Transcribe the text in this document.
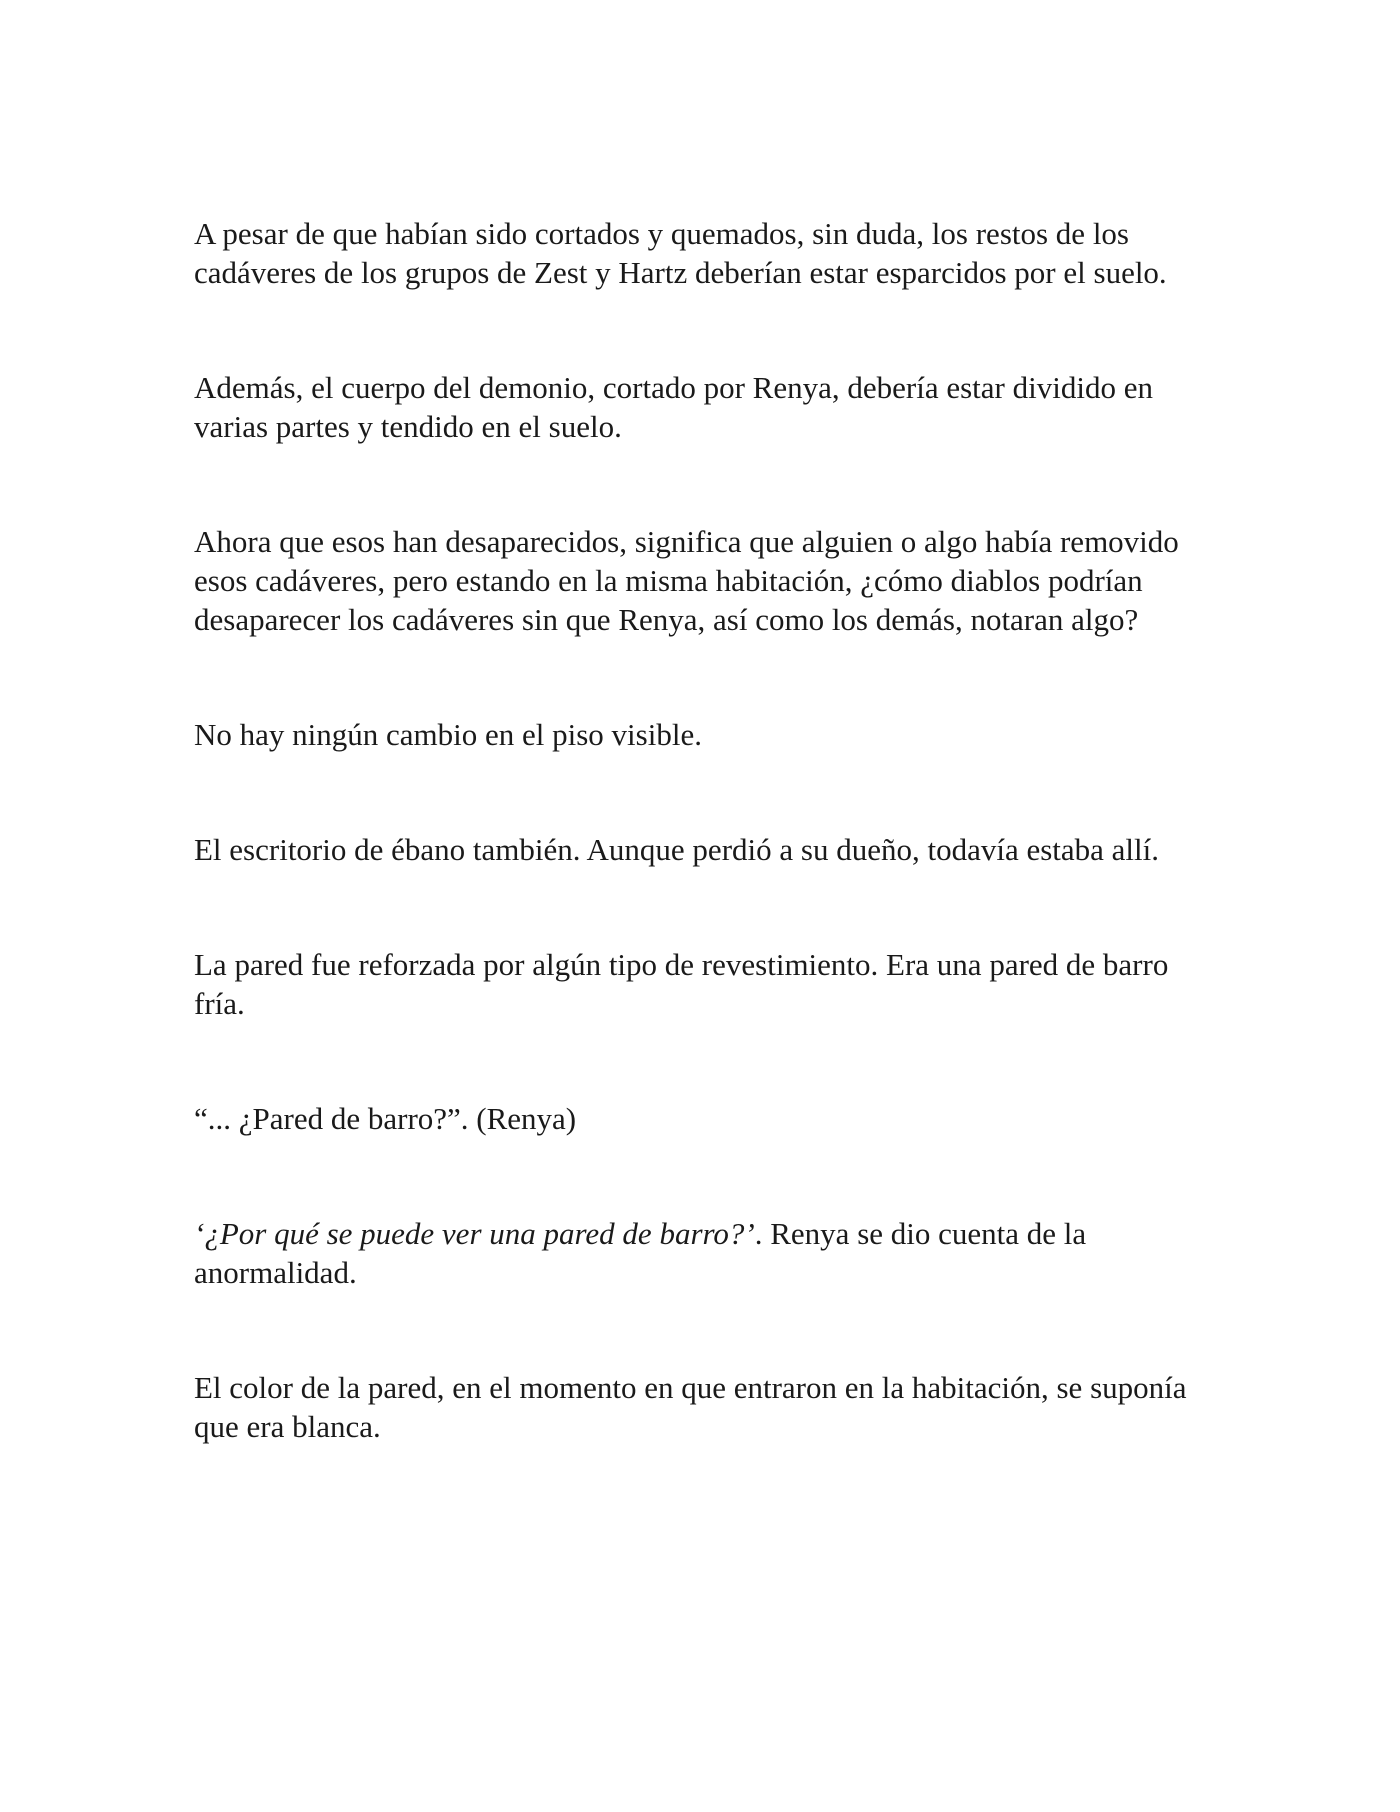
A pesar de que habían sido cortados y quemados, sin duda, los restos de los cadáveres de los grupos de Zest y Hartz deberían estar esparcidos por el suelo.

Además, el cuerpo del demonio, cortado por Renya, debería estar dividido en varias partes y tendido en el suelo.

Ahora que esos han desaparecidos, significa que alguien o algo había removido esos cadáveres, pero estando en la misma habitación, ¿cómo diablos podrían desaparecer los cadáveres sin que Renya, así como los demás, notaran algo?

No hay ningún cambio en el piso visible.

El escritorio de ébano también. Aunque perdió a su dueño, todavía estaba allí.

La pared fue reforzada por algún tipo de revestimiento. Era una pared de barro fría.

“... ¿Pared de barro?”. (Renya)

‘¿Por qué se puede ver una pared de barro?’. Renya se dio cuenta de la anormalidad.

El color de la pared, en el momento en que entraron en la habitación, se suponía que era blanca.
